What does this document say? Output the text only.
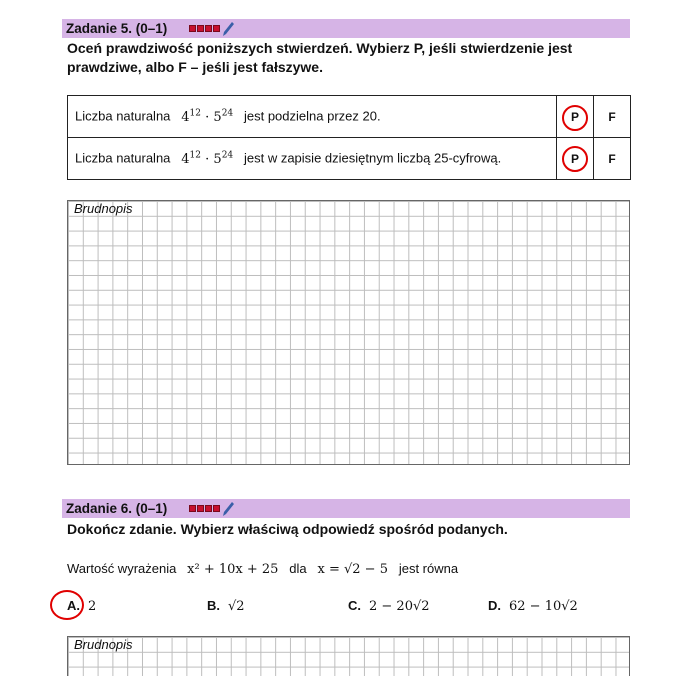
Zadanie 5. (0–1)
Oceń prawdziwość poniższych stwierdzeń. Wybierz P, jeśli stwierdzenie jest prawdziwe, albo F – jeśli jest fałszywe.
Liczba naturalna $4^{12} \cdot 5^{24}$ jest podzielna przez 20.	P	F
Liczba naturalna $4^{12} \cdot 5^{24}$ jest w zapisie dziesiętnym liczbą 25-cyfrową.	P	F
Brudnopis
Zadanie 6. (0–1)
Dokończ zdanie. Wybierz właściwą odpowiedź spośród podanych.
Wartość wyrażenia x² + 10x + 25 dla x = √2 − 5 jest równa
A. 2	B. √2	C. 2 − 20√2	D. 62 − 10√2
Brudnopis
